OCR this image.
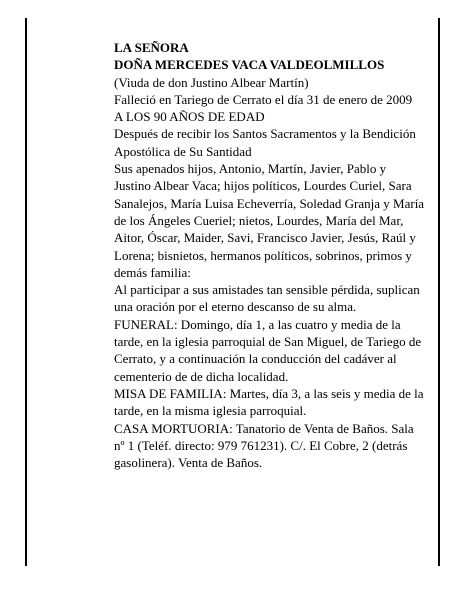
LA SEÑORA

DOÑA MERCEDES VACA VALDEOLMILLOS

(Viuda de don Justino Albear Martín)

Falleció en Tariego de Cerrato el día 31 de enero de 2009

A LOS 90 AÑOS DE EDAD

Después de recibir los Santos Sacramentos y la Bendición Apostólica de Su Santidad

Sus apenados hijos, Antonio, Martín, Javier, Pablo y Justino Albear Vaca; hijos políticos, Lourdes Curiel, Sara Sanalejos, María Luisa Echeverría, Soledad Granja y María de los Ángeles Cueriel; nietos, Lourdes, María del Mar, Aitor, Óscar, Maider, Savi, Francisco Javier, Jesús, Raúl y Lorena; bisnietos, hermanos políticos, sobrinos, primos y demás familia:

Al participar a sus amistades tan sensible pérdida, suplican una oración por el eterno descanso de su alma.

FUNERAL: Domingo, día 1, a las cuatro y media de la tarde, en la iglesia parroquial de San Miguel, de Tariego de Cerrato, y a continuación la conducción del cadáver al cementerio de de dicha localidad.

MISA DE FAMILIA: Martes, día 3, a las seis y media de la tarde, en la misma iglesia parroquial.

CASA MORTUORIA: Tanatorio de Venta de Baños. Sala nº 1 (Teléf. directo: 979 761231). C/. El Cobre, 2 (detrás gasolinera). Venta de Baños.
